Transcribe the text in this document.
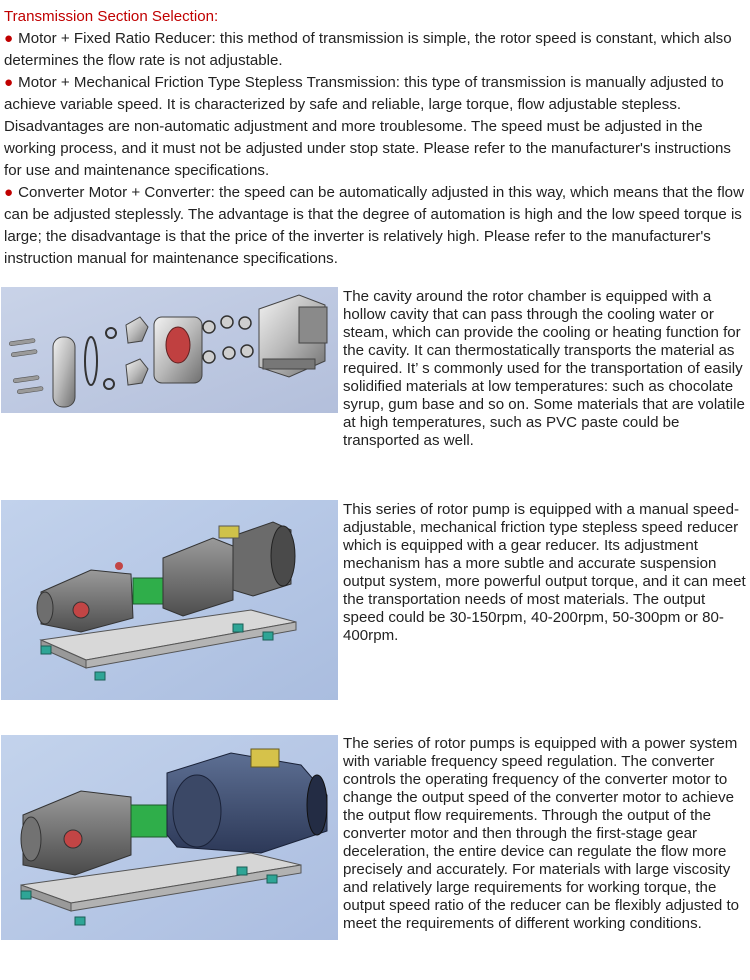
Transmission Section Selection:

● Motor + Fixed Ratio Reducer: this method of transmission is simple, the rotor speed is constant, which also determines the flow rate is not adjustable.

● Motor + Mechanical Friction Type Stepless Transmission: this type of transmission is manually adjusted to achieve variable speed. It is characterized by safe and reliable, large torque, flow adjustable stepless. Disadvantages are non-automatic adjustment and more troublesome. The speed must be adjusted in the working process, and it must not be adjusted under stop state. Please refer to the manufacturer's instructions for use and maintenance specifications.

● Converter Motor + Converter: the speed can be automatically adjusted in this way, which means that the flow can be adjusted steplessly. The advantage is that the degree of automation is high and the low speed torque is large; the disadvantage is that the price of the inverter is relatively high. Please refer to the manufacturer's instruction manual for maintenance specifications.

The cavity around the rotor chamber is equipped with a hollow cavity that can pass through the cooling water or steam, which can provide the cooling or heating function for the cavity. It can thermostatically transports the material as required. It’ s commonly used for the transportation of easily solidified materials at low temperatures: such as chocolate syrup, gum base and so on. Some materials that are volatile at high temperatures, such as PVC paste could be transported as well.
This series of rotor pump is equipped with a manual speed-adjustable, mechanical friction type stepless speed reducer which is equipped with a gear reducer. Its adjustment mechanism has a more subtle and accurate suspension output system, more powerful output torque, and it can meet the transportation needs of most materials. The output speed could be 30-150rpm, 40-200rpm, 50-300pm or 80-400rpm.
The series of rotor pumps is equipped with a power system with variable frequency speed regulation. The converter controls the operating frequency of the converter motor to change the output speed of the converter motor to achieve the output flow requirements. Through the output of the converter motor and then through the first-stage gear deceleration, the entire device can regulate the flow more precisely and accurately. For materials with large viscosity and relatively large requirements for working torque, the output speed ratio of the reducer can be flexibly adjusted to meet the requirements of different working conditions.
